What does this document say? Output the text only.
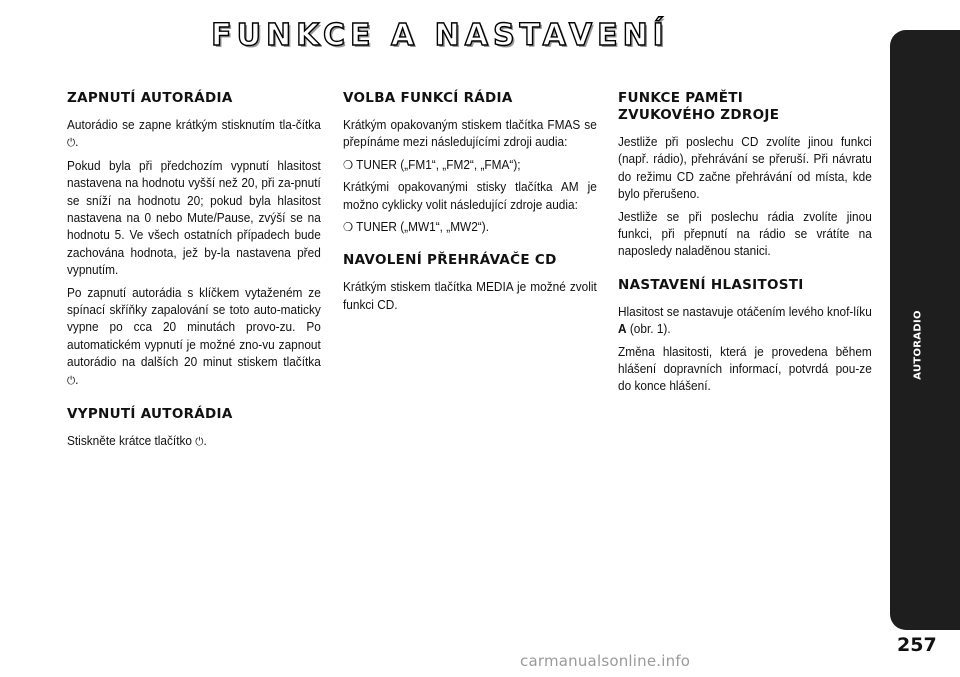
FUNKCE A NASTAVENÍ
ZAPNUTÍ AUTORÁDIA

Autorádio se zapne krátkým stisknutím tla-čítka ⏻.

Pokud byla při předchozím vypnutí hlasitost nastavena na hodnotu vyšší než 20, při za-pnutí se sníží na hodnotu 20; pokud byla hlasitost nastavena na 0 nebo Mute/Pause, zvýší se na hodnotu 5. Ve všech ostatních případech bude zachována hodnota, jež by-la nastavena před vypnutím.

Po zapnutí autorádia s klíčkem vytaženém ze spínací skříňky zapalování se toto auto-maticky vypne po cca 20 minutách provo-zu. Po automatickém vypnutí je možné zno-vu zapnout autorádio na dalších 20 minut stiskem tlačítka ⏻.

VYPNUTÍ AUTORÁDIA

Stiskněte krátce tlačítko ⏻.

VOLBA FUNKCÍ RÁDIA

Krátkým opakovaným stiskem tlačítka FMAS se přepínáme mezi následujícími zdroji audia:

❍ TUNER („FM1“, „FM2“, „FMA“);

Krátkými opakovanými stisky tlačítka AM je možno cyklicky volit následující zdroje audia:

❍ TUNER („MW1“, „MW2“).

NAVOLENÍ PŘEHRÁVAČE CD

Krátkým stiskem tlačítka MEDIA je možné zvolit funkci CD.

FUNKCE PAMĚTI
ZVUKOVÉHO ZDROJE

Jestliže při poslechu CD zvolíte jinou funkci (např. rádio), přehrávání se přeruší. Při návratu do režimu CD začne přehrávání od místa, kde bylo přerušeno.

Jestliže se při poslechu rádia zvolíte jinou funkci, při přepnutí na rádio se vrátíte na naposledy naladěnou stanici.

NASTAVENÍ HLASITOSTI

Hlasitost se nastavuje otáčením levého knof-líku A (obr. 1).

Změna hlasitosti, která je provedena během hlášení dopravních informací, potvrdá pou-ze do konce hlášení.

AUTORADIO
257
carmanualsonline.info
